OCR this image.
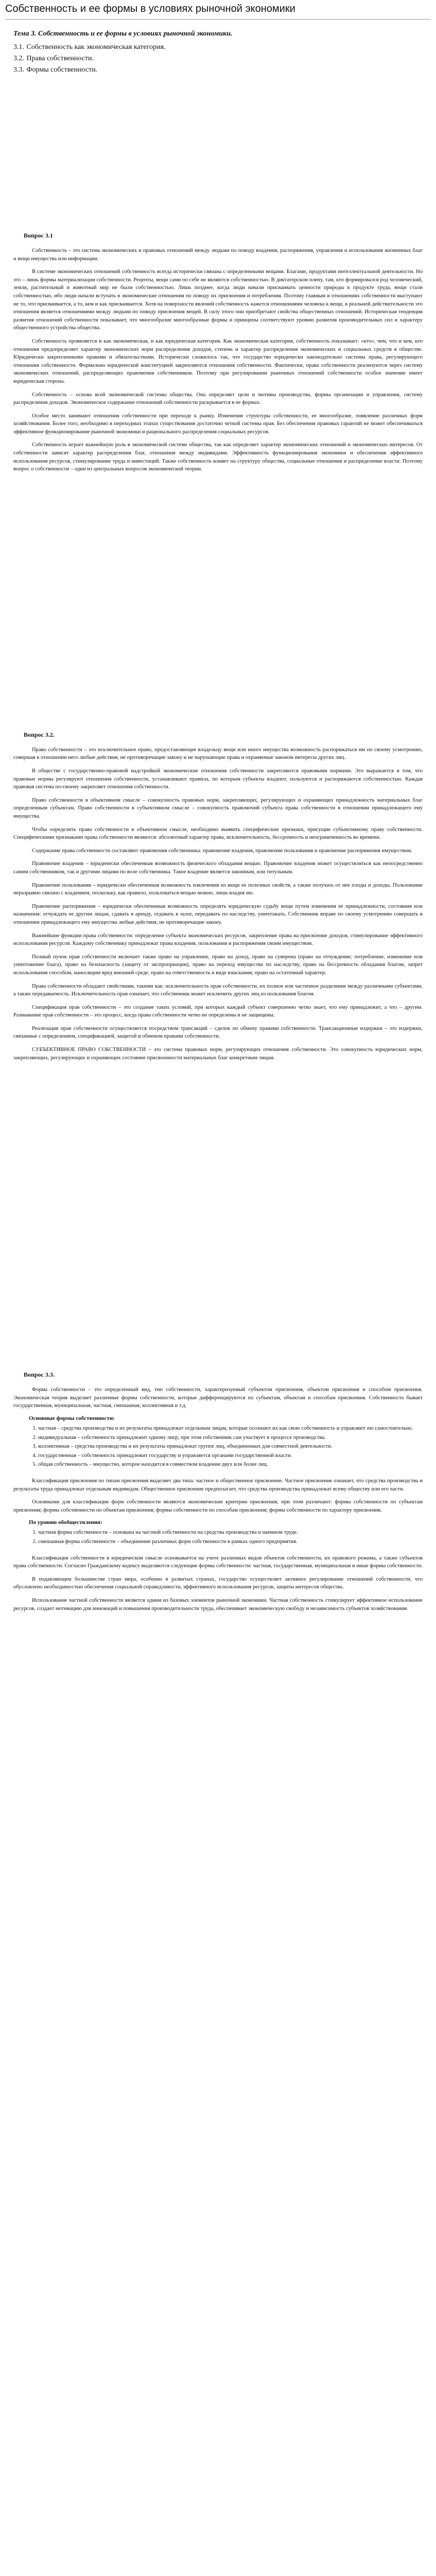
Собственность и ее формы в условиях рыночной экономики

Тема 3. Собственность и ее формы в условиях рыночной экономики.

3.1. Собственность как экономическая категория.
3.2. Права собственности.
3.3. Формы собственности.

Вопрос 3.1

Собственность – это система экономических и правовых отношений между людьми по поводу владения, распоряжения, управления и использования жизненных благ и вещи имущества или информации.

В системе экономических отношений собственность всегда исторически связана с определенными вещами. Благами, продуктами интеллектуальной деятельности. Но это – лишь формы материализации собственности. Рецепты, вещи сами по себе не являются собственностью. В диктаторском плену, там, кто формировался род человеческий, земля, растительный и животный мир не были собственностью. Лишь позднее, когда люди начали присваивать ценности природы в продукте труда, вещи стали собственностью, ибо люди начали вступать в экономические отношения по поводу их присвоения и потребления. Поэтому главным в отношениях собственности выступают не то, что присваивается, а то, кем и как присваивается. Хотя на поверхности явлений собственность кажется отношениями человека к вещи, в реальной действительности это отношения является отношениями между людьми по поводу присвоения вещей. В силу этого они приобретают свойства общественных отношений. Историческая тенденция развития отношений собственности показывает, что многообразие многообразные формы и принципы соответствуют уровню развития производительных сил и характеру общественного устройства общества.

Собственность проявляется и как экономическая, и как юридическая категория. Как экономическая категория, собственность показывает: «кто», чем, что и кем, кто отношения предопределяет характер экономических норм распределения доходов, степень и характер распределения экономических и социальных средств в обществе. Юридически закрепленными правами и обязательствами. Исторически сложилось так, что государство юридически законодательно системы права, регулирующего отношения собственности. Формально юридической конституцией закрепляются отношения собственности. Фактически, права собственности реализуются через систему экономических отношений, распределяющих правомочия собственников. Поэтому при регулировании рыночных отношений собственности особое значение имеет юридическая сторона.

Собственность – основа всей экономической системы общества. Она определяет цели и мотивы производства, формы организации и управления, систему распределения доходов. Экономическое содержание отношений собственности раскрывается в ее формах.

Особое место занимают отношения собственности при переходе к рынку. Изменение структуры собственности, ее многообразие, появление различных форм хозяйствования. Более того, необходимо в переходных этапах существования достаточно четкой системы прав. Без обеспечения правовых гарантий не может обеспечиваться эффективное функционирование рыночной экономики и рационального распределения социальных ресурсов.

Собственность играет важнейшую роль в экономической системе общества, так как определяет характер экономических отношений и экономических интересов. От собственности зависят характер распределения благ, отношения между индивидами. Эффективность функционирования экономики и обеспечения эффективного использования ресурсов, стимулирование труда и инвестиций. Также собственность влияет на структуру общества, социальные отношения и распределение власти. Поэтому вопрос о собственности – один из центральных вопросов экономической теории.

Вопрос 3.2.

Право собственности – это исключительное право, предоставляющее владельцу вещи или иного имущества возможность распоряжаться им по своему усмотрению, совершая в отношении него любые действия, не противоречащие закону и не нарушающие права и охраняемые законом интересы других лиц.

В обществе с государственно-правовой надстройкой экономические отношения собственности закрепляются правовыми нормами. Это выражается в том, что правовые нормы регулируют отношения собственности, устанавливают правила, по которым субъекты владеют, пользуются и распоряжаются собственностью. Каждая правовая система по-своему закрепляет отношения собственности.

Право собственности в объективном смысле – совокупность правовых норм, закрепляющих, регулирующих и охраняющих принадлежность материальных благ определенным субъектам. Право собственности в субъективном смысле – совокупность правомочий субъекта права собственности в отношении принадлежащего ему имущества.

Чтобы определить права собственности в объективном смысле, необходимо выявить специфические признаки, присущие субъективному праву собственности. Специфическими признаками права собственности являются: абсолютный характер права, исключительность, бессрочность и неограниченность во времени.

Содержание права собственности составляют правомочия собственника: правомочие владения, правомочие пользования и правомочие распоряжения имуществом.

Правомочие владения – юридически обеспеченная возможность физического обладания вещью. Правомочие владения может осуществляться как непосредственно самим собственником, так и другими лицами по воле собственника. Такое владение является законным, или титульным.

Правомочие пользования – юридически обеспеченная возможность извлечения из вещи ее полезных свойств, а также получать от нее плоды и доходы. Пользование неразрывно связано с владением, поскольку, как правило, пользоваться вещью можно, лишь владея ею.

Правомочие распоряжения – юридически обеспеченная возможность определять юридическую судьбу вещи путем изменения ее принадлежности, состояния или назначения: отчуждать ее другим лицам, сдавать в аренду, отдавать в залог, передавать по наследству, уничтожать. Собственник вправе по своему усмотрению совершать в отношении принадлежащего ему имущества любые действия, не противоречащие закону.

Важнейшие функции права собственности: определение субъекта экономических ресурсов, закрепление права на присвоение доходов, стимулирование эффективного использования ресурсов. Каждому собственнику принадлежат права владения, пользования и распоряжения своим имуществом.

Полный пучок прав собственности включает также право на управление, право на доход, право на суверена (право на отчуждение, потребление, изменение или уничтожение блага), право на безопасность (защиту от экспроприации), право на переход имущества по наследству, право на бессрочность обладания благом, запрет использования способом, наносящим вред внешней среде, право на ответственность в виде взыскания, право на остаточный характер.

Права собственности обладают свойствами, такими как: исключительность прав собственности, их полное или частичное разделение между различными субъектами, а также передаваемость. Исключительность прав означает, что собственник может исключить других лиц из пользования благом.

Спецификация прав собственности – это создание таких условий, при которых каждый субъект совершенно четко знает, что ему принадлежит, а что – другим. Размывание прав собственности – это процесс, когда права собственности четко не определены и не защищены.

Реализация прав собственности осуществляется посредством трансакций – сделок по обмену правами собственности. Трансакционные издержки – это издержки, связанные с определением, спецификацией, защитой и обменом правами собственности.

СУБЪЕКТИВНОЕ ПРАВО СОБСТВЕННОСТИ – это система правовых норм, регулирующих отношения собственности. Это совокупность юридических норм, закрепляющих, регулирующих и охраняющих состояние присвоенности материальных благ конкретным лицам.

Вопрос 3.3.

Форма собственности – это определенный вид, тип собственности, характеризуемый субъектом присвоения, объектом присвоения и способом присвоения. Экономическая теория выделяет различные формы собственности, которые дифференцируются по субъектам, объектам и способам присвоения. Собственность бывает государственная, муниципальная, частная, смешанная, коллективная и т.д.

Основные формы собственности:

1. частная – средства производства и их результаты принадлежат отдельным лицам, которые осознают их как свою собственность и управляют ею самостоятельно.
2. индивидуальная – собственность принадлежит одному лицу, при этом собственник сам участвует в процессе производства.
3. коллективная – средства производства и их результаты принадлежат группе лиц, объединенных для совместной деятельности.
4. государственная – собственность принадлежит государству и управляется органами государственной власти.
5. общая собственность – имущество, которое находится в совместном владении двух или более лиц.

Классификация присвоения по типам присвоения выделяет два типа: частное и общественное присвоение. Частное присвоение означает, что средства производства и результаты труда принадлежат отдельным индивидам. Общественное присвоение предполагает, что средства производства принадлежат всему обществу или его части.

Основными для классификации форм собственности являются экономические критерии присвоения, при этом различают: формы собственности по субъектам присвоения; формы собственности по объектам присвоения; формы собственности по способам присвоения; формы собственности по характеру присвоения.

По уровню обобществления:

1. частная форма собственности – основана на частной собственности на средства производства и наемном труде.
2. смешанная форма собственности – объединение различных форм собственности в рамках одного предприятия.

Классификация собственности в юридическом смысле основывается на учете различных видов объектов собственности, их правового режима, а также субъектов права собственности. Согласно Гражданскому кодексу выделяются следующие формы собственности: частная, государственная, муниципальная и иные формы собственности.

В подавляющем большинстве стран мира, особенно в развитых странах, государство осуществляет активное регулирование отношений собственности, что обусловлено необходимостью обеспечения социальной справедливости, эффективного использования ресурсов, защиты интересов общества.

Использование частной собственности является одним из базовых элементов рыночной экономики. Частная собственность стимулирует эффективное использование ресурсов, создает мотивацию для инноваций и повышения производительности труда, обеспечивает экономическую свободу и независимость субъектов хозяйствования.
